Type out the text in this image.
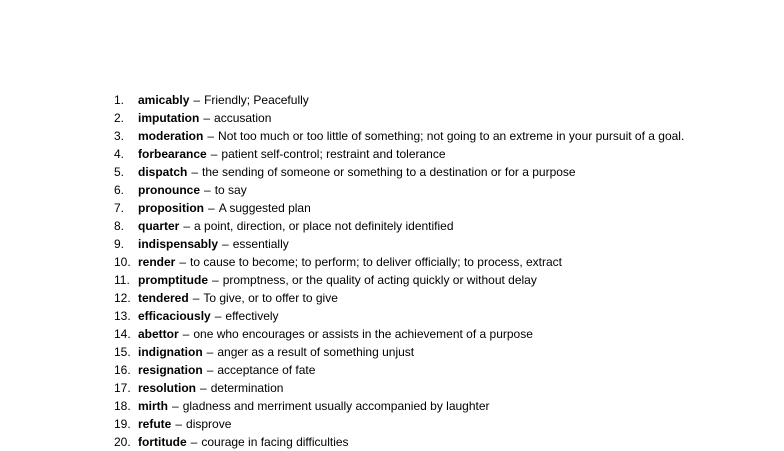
1.	amicably – Friendly; Peacefully
2.	imputation – accusation
3.	moderation – Not too much or too little of something; not going to an extreme in your pursuit of a goal.
4.	forbearance – patient self-control; restraint and tolerance
5.	dispatch – the sending of someone or something to a destination or for a purpose
6.	pronounce – to say
7.	proposition – A suggested plan
8.	quarter – a point, direction, or place not definitely identified
9.	indispensably – essentially
10. render – to cause to become; to perform; to deliver officially; to process, extract
11. promptitude – promptness, or the quality of acting quickly or without delay
12. tendered – To give, or to offer to give
13. efficaciously – effectively
14. abettor – one who encourages or assists in the achievement of a purpose
15. indignation – anger as a result of something unjust
16. resignation – acceptance of fate
17. resolution – determination
18. mirth – gladness and merriment usually accompanied by laughter
19. refute – disprove
20. fortitude – courage in facing difficulties
